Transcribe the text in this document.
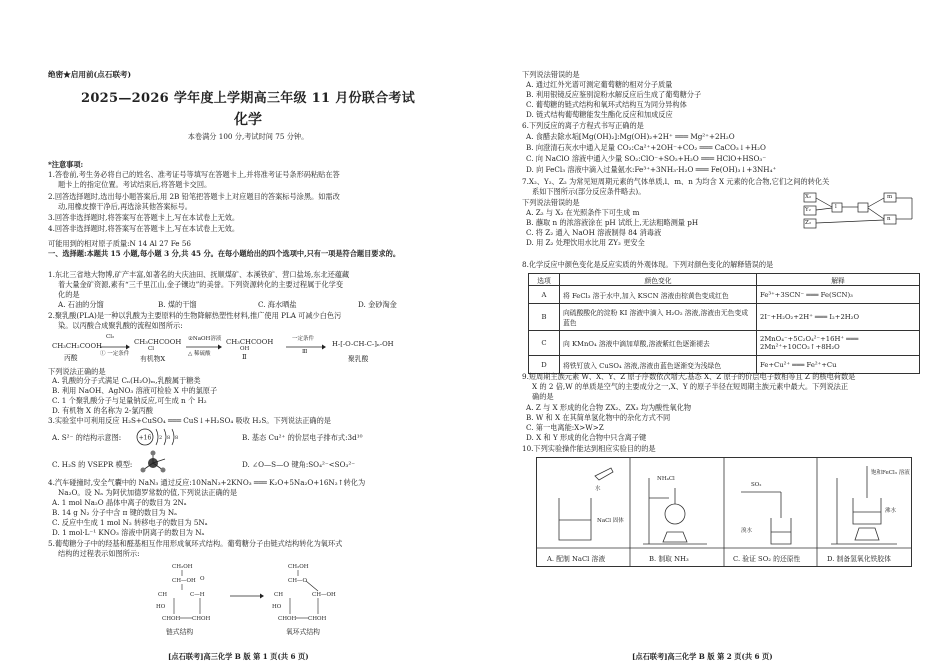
绝密★启用前(点石联考)
2025—2026 学年度上学期高三年级 11 月份联合考试
化学
本卷满分 100 分,考试时间 75 分钟。
*注意事项:
1.答卷前,考生务必将自己的姓名、准考证号等填写在答题卡上,并将准考证号条形码粘贴在答
题卡上的指定位置。考试结束后,将答题卡交回。
2.回答选择题时,选出每小题答案后,用 2B 铅笔把答题卡上对应题目的答案标号涂黑。如需改
动,用橡皮擦干净后,再选涂其他答案标号。
3.回答非选择题时,将答案写在答题卡上,写在本试卷上无效。
4.回答非选择题时,将答案写在答题卡上,写在本试卷上无效。
可能用到的相对原子质量:N 14 Al 27 Fe 56
一、选择题:本题共 15 小题,每小题 3 分,共 45 分。在每小题给出的四个选项中,只有一项是符合题目要求的。
1.东北三省地大物博,矿产丰富,如著名的大庆油田、抚顺煤矿、本溪铁矿、营口盐场,东北还蕴藏
着大量金矿资源,素有“三千里江山,金子镶边”的美誉。下列资源转化的主要过程属于化学变
化的是
A. 石油的分馏	B. 煤的干馏	C. 海水晒盐	D. 金砂淘金
2.聚乳酸(PLA)是一种以乳酸为主要原料的生物降解热塑性材料,推广使用 PLA 可减少白色污
染。以丙酸合成聚乳酸的流程如图所示:
CH₃CH₂COOH
丙酸
Cl₂
① 一定条件
CH₃CHCOOH
Cl
有机物X
②NaOH溶液
△ 稀硫酸
CH₃CHCOOH
OH
Ⅱ
一定条件
Ⅲ
→ H-[-O-CH-C-]ₙ-OH
聚乳酸
下列说法正确的是
A. 乳酸的分子式满足 Cₙ(H₂O)ₘ,乳酸属于糖类
B. 利用 NaOH、AgNO₃ 溶液可检验 X 中的氯原子
C. 1 个聚乳酸分子与足量钠反应,可生成 n 个 H₂
D. 有机物 X 的名称为 2-氯丙酸
3.实验室中可利用反应 H₂S+CuSO₄ ═══ CuS↓+H₂SO₄ 吸收 H₂S。下列说法正确的是
A. S²⁻ 的结构示意图:	+16 2 8 8	B. 基态 Cu²⁺ 的价层电子排布式:3d¹⁰
C. H₂S 的 VSEPR 模型:	D. ∠O—S—O 键角:SO₄²⁻<SO₃²⁻
4.汽车碰撞时,安全气囊中的 NaN₃ 通过反应:10NaN₃+2KNO₃ ═══ K₂O+5Na₂O+16N₂↑转化为
Na₂O。设 Nₐ 为阿伏加德罗常数的值,下列说法正确的是
A. 1 mol Na₂O 晶体中离子的数目为 2Nₐ
B. 14 g N₂ 分子中含 π 键的数目为 Nₐ
C. 反应中生成 1 mol N₂ 转移电子的数目为 5Nₐ
D. 1 mol·L⁻¹ KNO₃ 溶液中阴离子的数目为 Nₐ
5.葡萄糖分子中的羟基和醛基相互作用形成氧环式结构。葡萄糖分子由链式结构转化为氧环式
结构的过程表示如图所示:
CH₂OH
CH—OH O
CH	C—H
HO
CHOH CHOH
CH₂OH
CH—O
CH	CH—OH
HO
CHOH CHOH
链式结构	氧环式结构
[点石联考]高三化学 B 版 第 1 页(共 6 页)
下列说法错误的是
A. 通过红外光谱可测定葡萄糖的相对分子质量
B. 利用银镜反应鉴别淀粉水解反应后生成了葡萄糖分子
C. 葡萄糖的链式结构和氧环式结构互为同分异构体
D. 链式结构葡萄糖能发生酯化反应和加成反应
6.下列反应的离子方程式书写正确的是
A. 食醋去除水垢[Mg(OH)₂]:Mg(OH)₂+2H⁺ ═══ Mg²⁺+2H₂O
B. 向澄清石灰水中通入足量 CO₂:Ca²⁺+2OH⁻+CO₂ ═══ CaCO₃↓+H₂O
C. 向 NaClO 溶液中通入少量 SO₂:ClO⁻+SO₂+H₂O ═══ HClO+HSO₃⁻
D. 向 FeCl₃ 溶液中滴入过量氨水:Fe³⁺+3NH₃·H₂O ═══ Fe(OH)₃↓+3NH₄⁺
7.X₂、Y₂、Z₂ 为常见短周期元素的气体单质,l、m、n 为均含 X 元素的化合物,它们之间的转化关
系如下图所示(部分反应条件略去)。
下列说法错误的是
A. Z₂ 与 X₂ 在光照条件下可生成 m
B. 蘸取 n 的浓溶液涂在 pH 试纸上,无法粗略测量 pH
C. 将 Z₂ 通入 NaOH 溶液制得 84 消毒液
D. 用 Z₂ 处理饮用水比用 ZY₂ 更安全
X₂
Y₂
Z₂
l
m
n
8.化学反应中颜色变化是反应实质的外观体现。下列对颜色变化的解释错误的是
选项	颜色变化	解释
A	将 FeCl₃ 溶于水中,加入 KSCN 溶液由棕黄色变成红色	Fe³⁺+3SCN⁻ ═══ Fe(SCN)₃
B	向硫酸酸化的淀粉 KI 溶液中滴入 H₂O₂ 溶液,溶液由无色变成蓝色	2I⁻+H₂O₂+2H⁺ ═══ I₂+2H₂O
C	向 KMnO₄ 溶液中滴加草酸,溶液紫红色逐渐褪去	2MnO₄⁻+5C₂O₄²⁻+16H⁺ ═══ 2Mn²⁺+10CO₂↑+8H₂O
D	将铁钉放入 CuSO₄ 溶液,溶液由蓝色逐渐变为浅绿色	Fe+Cu²⁺ ═══ Fe²⁺+Cu
9.短周期主族元素 W、X、Y、Z 原子序数依次增大,基态 X、Z 原子的价层电子数相等且 Z 的核电荷数是
X 的 2 倍,W 的单质是空气的主要成分之一,X、Y 的原子半径在短周期主族元素中最大。下列说法正
确的是
A. Z 与 X 形成的化合物 ZX₂、ZX₃ 均为酸性氧化物
B. W 和 X 在其简单氢化物中的杂化方式不同
C. 第一电离能:X>W>Z
D. X 和 Y 形成的化合物中只含离子键
10.下列实验操作能达到相应实验目的的是
水
NaCl 固体
NH₄Cl
SO₂
溴水
饱和FeCl₃ 溶液
沸水
A. 配制 NaCl 溶液	B. 制取 NH₃	C. 验证 SO₂ 的还原性	D. 制备氢氧化铁胶体
[点石联考]高三化学 B 版 第 2 页(共 6 页)
